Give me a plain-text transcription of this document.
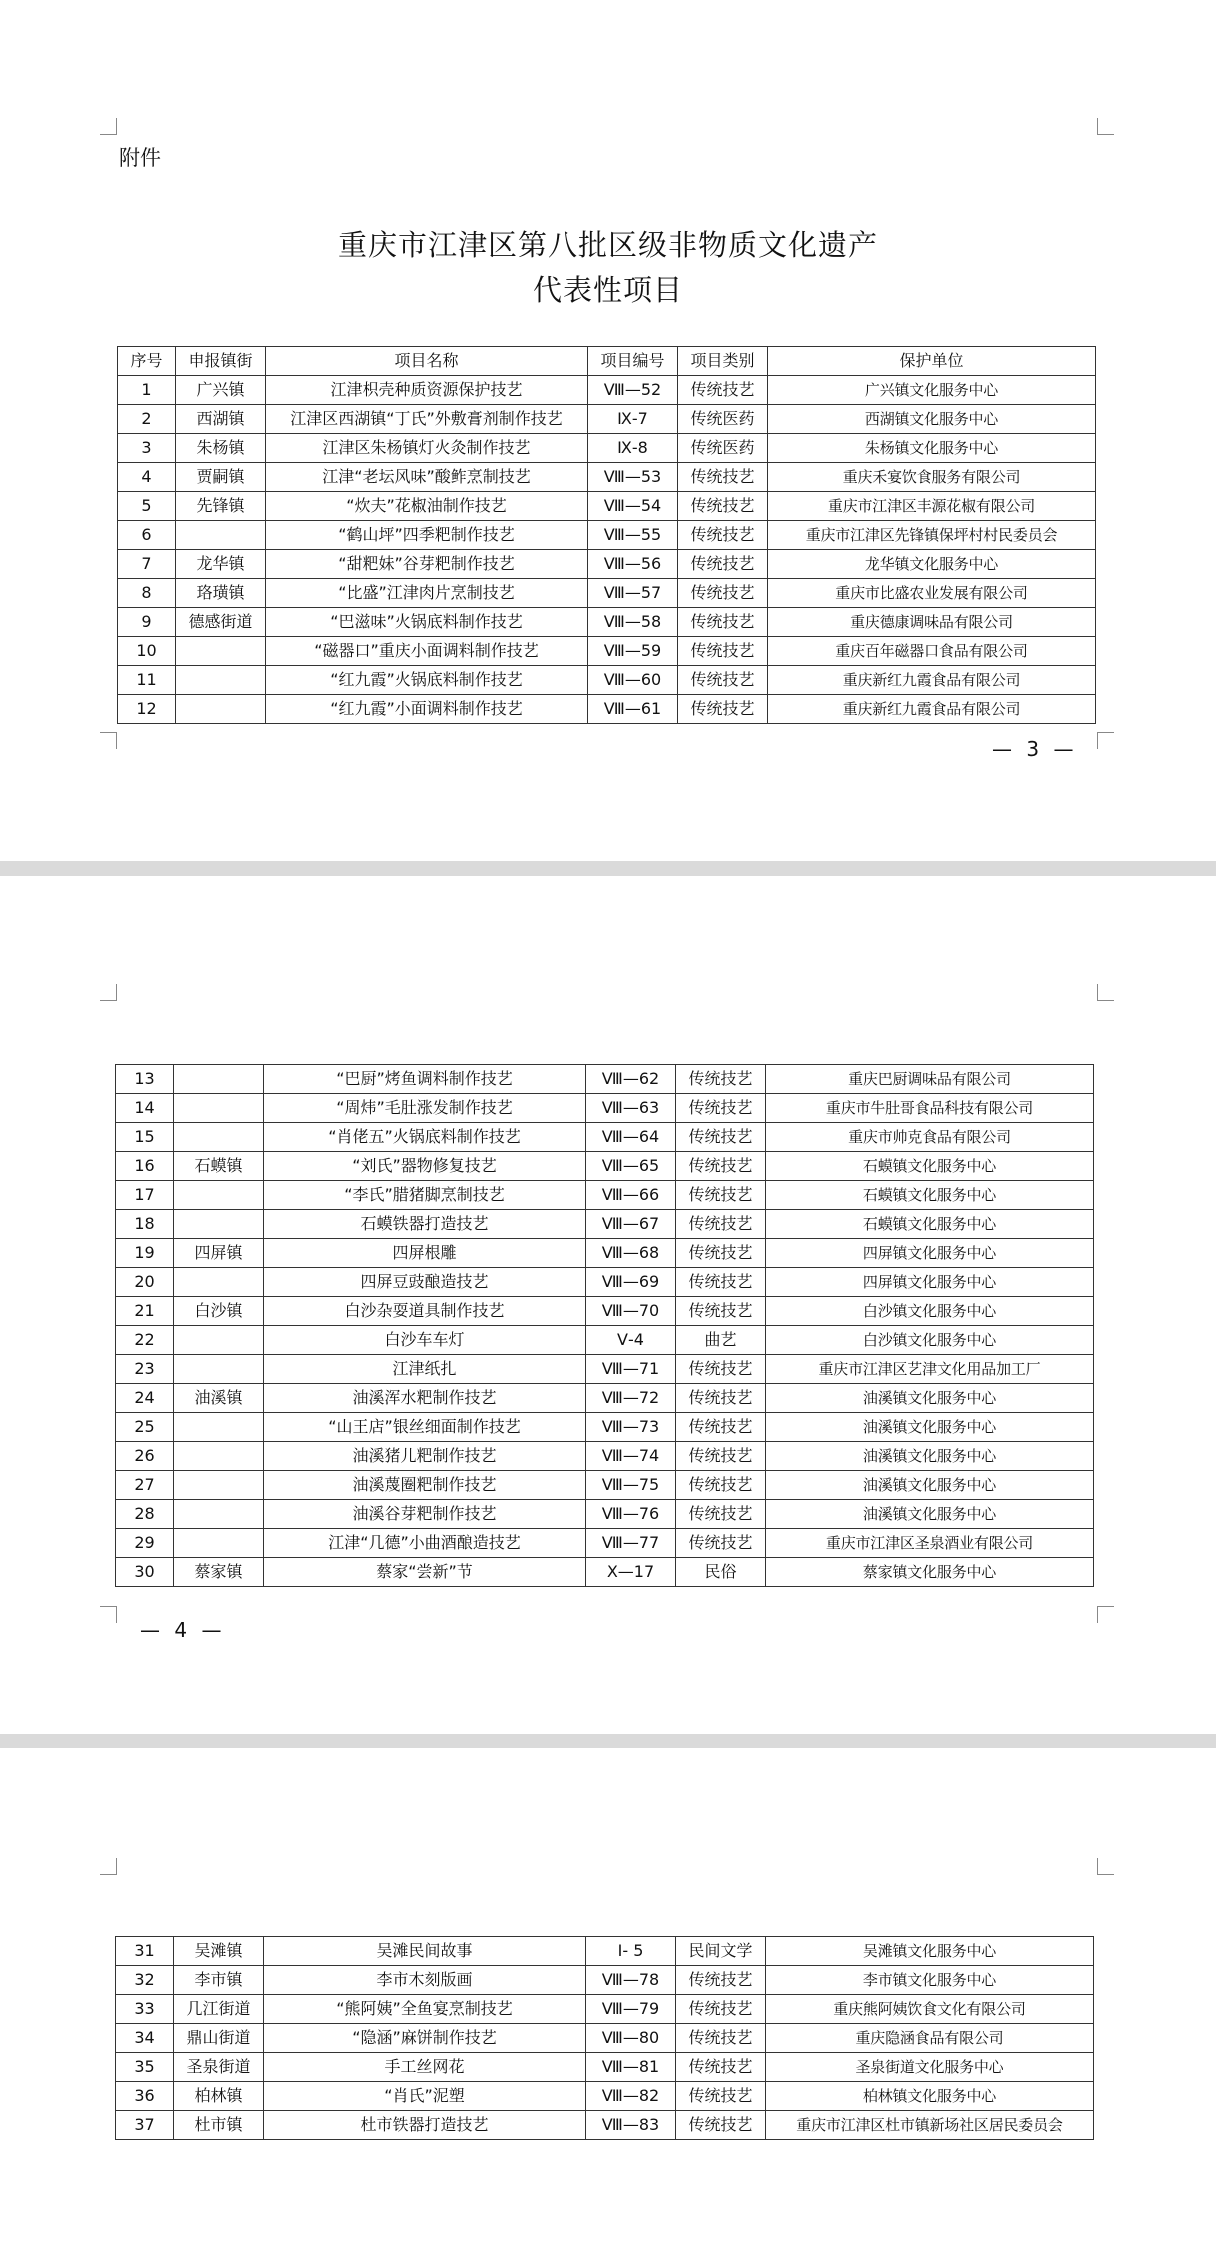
附件
重庆市江津区第八批区级非物质文化遗产
代表性项目
序号	申报镇街	项目名称	项目编号	项目类别	保护单位
1	广兴镇	江津枳壳种质资源保护技艺	Ⅷ—52	传统技艺	广兴镇文化服务中心
2	西湖镇	江津区西湖镇“丁氏”外敷膏剂制作技艺	Ⅸ-7	传统医药	西湖镇文化服务中心
3	朱杨镇	江津区朱杨镇灯火灸制作技艺	Ⅸ-8	传统医药	朱杨镇文化服务中心
4	贾嗣镇	江津“老坛风味”酸鲊烹制技艺	Ⅷ—53	传统技艺	重庆禾宴饮食服务有限公司
5	先锋镇	“炊夫”花椒油制作技艺	Ⅷ—54	传统技艺	重庆市江津区丰源花椒有限公司
6		“鹤山坪”四季粑制作技艺	Ⅷ—55	传统技艺	重庆市江津区先锋镇保坪村村民委员会
7	龙华镇	“甜粑妹”谷芽粑制作技艺	Ⅷ—56	传统技艺	龙华镇文化服务中心
8	珞璜镇	“比盛”江津肉片烹制技艺	Ⅷ—57	传统技艺	重庆市比盛农业发展有限公司
9	德感街道	“巴滋味”火锅底料制作技艺	Ⅷ—58	传统技艺	重庆德康调味品有限公司
10		“磁器口”重庆小面调料制作技艺	Ⅷ—59	传统技艺	重庆百年磁器口食品有限公司
11		“红九霞”火锅底料制作技艺	Ⅷ—60	传统技艺	重庆新红九霞食品有限公司
12		“红九霞”小面调料制作技艺	Ⅷ—61	传统技艺	重庆新红九霞食品有限公司
— 3 —
13		“巴厨”烤鱼调料制作技艺	Ⅷ—62	传统技艺	重庆巴厨调味品有限公司
14		“周炜”毛肚涨发制作技艺	Ⅷ—63	传统技艺	重庆市牛肚哥食品科技有限公司
15		“肖佬五”火锅底料制作技艺	Ⅷ—64	传统技艺	重庆市帅克食品有限公司
16	石蟆镇	“刘氏”器物修复技艺	Ⅷ—65	传统技艺	石蟆镇文化服务中心
17		“李氏”腊猪脚烹制技艺	Ⅷ—66	传统技艺	石蟆镇文化服务中心
18		石蟆铁器打造技艺	Ⅷ—67	传统技艺	石蟆镇文化服务中心
19	四屏镇	四屏根雕	Ⅷ—68	传统技艺	四屏镇文化服务中心
20		四屏豆豉酿造技艺	Ⅷ—69	传统技艺	四屏镇文化服务中心
21	白沙镇	白沙杂耍道具制作技艺	Ⅷ—70	传统技艺	白沙镇文化服务中心
22		白沙车车灯	Ⅴ-4	曲艺	白沙镇文化服务中心
23		江津纸扎	Ⅷ—71	传统技艺	重庆市江津区艺津文化用品加工厂
24	油溪镇	油溪浑水粑制作技艺	Ⅷ—72	传统技艺	油溪镇文化服务中心
25		“山王店”银丝细面制作技艺	Ⅷ—73	传统技艺	油溪镇文化服务中心
26		油溪猪儿粑制作技艺	Ⅷ—74	传统技艺	油溪镇文化服务中心
27		油溪蔑圈粑制作技艺	Ⅷ—75	传统技艺	油溪镇文化服务中心
28		油溪谷芽粑制作技艺	Ⅷ—76	传统技艺	油溪镇文化服务中心
29		江津“几德”小曲酒酿造技艺	Ⅷ—77	传统技艺	重庆市江津区圣泉酒业有限公司
30	蔡家镇	蔡家“尝新”节	Ⅹ—17	民俗	蔡家镇文化服务中心
— 4 —
31	吴滩镇	吴滩民间故事	Ⅰ- 5	民间文学	吴滩镇文化服务中心
32	李市镇	李市木刻版画	Ⅷ—78	传统技艺	李市镇文化服务中心
33	几江街道	“熊阿姨”全鱼宴烹制技艺	Ⅷ—79	传统技艺	重庆熊阿姨饮食文化有限公司
34	鼎山街道	“隐涵”麻饼制作技艺	Ⅷ—80	传统技艺	重庆隐涵食品有限公司
35	圣泉街道	手工丝网花	Ⅷ—81	传统技艺	圣泉街道文化服务中心
36	柏林镇	“肖氏”泥塑	Ⅷ—82	传统技艺	柏林镇文化服务中心
37	杜市镇	杜市铁器打造技艺	Ⅷ—83	传统技艺	重庆市江津区杜市镇新场社区居民委员会
